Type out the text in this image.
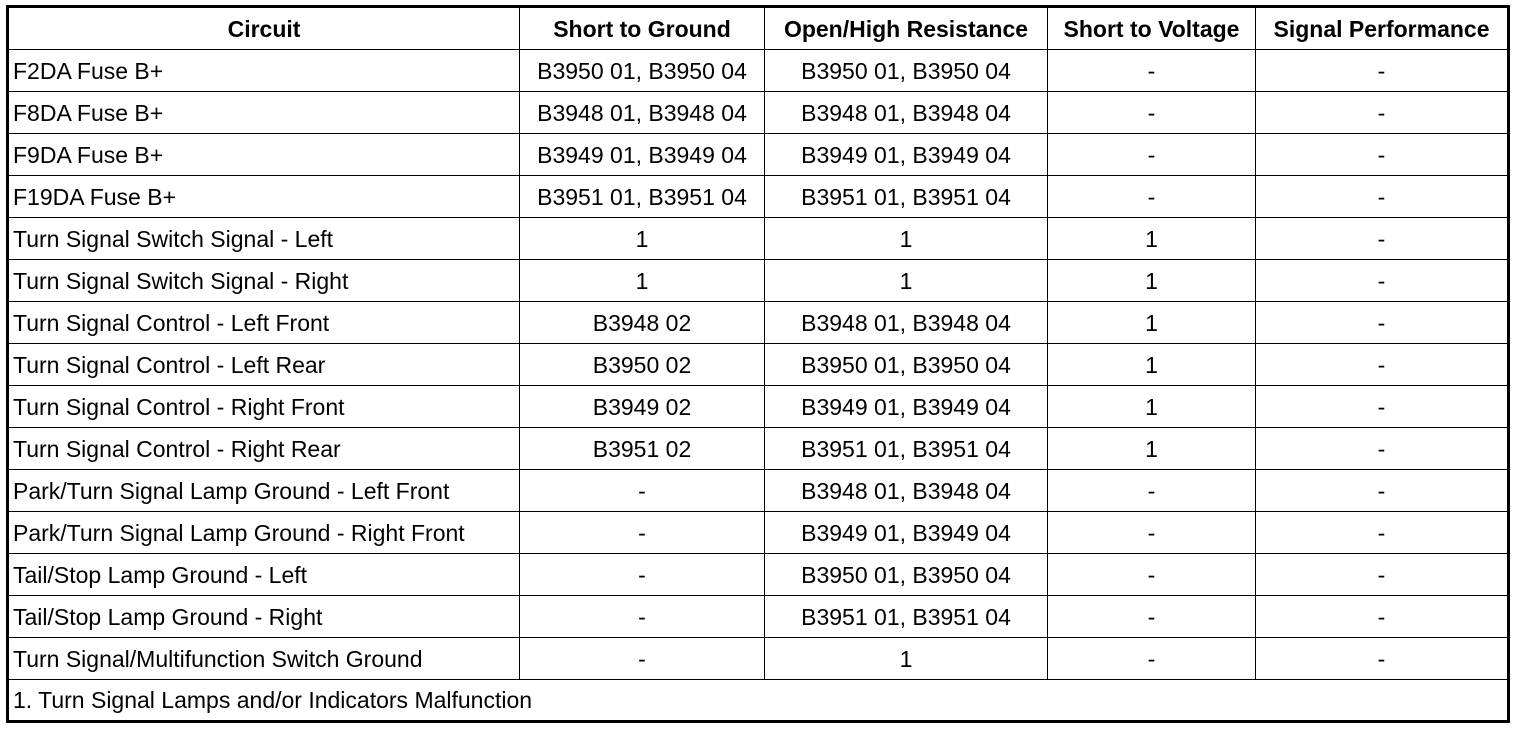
Circuit	Short to Ground	Open/High Resistance	Short to Voltage	Signal Performance
F2DA Fuse B+	B3950 01, B3950 04	B3950 01, B3950 04	-	-
F8DA Fuse B+	B3948 01, B3948 04	B3948 01, B3948 04	-	-
F9DA Fuse B+	B3949 01, B3949 04	B3949 01, B3949 04	-	-
F19DA Fuse B+	B3951 01, B3951 04	B3951 01, B3951 04	-	-
Turn Signal Switch Signal - Left	1	1	1	-
Turn Signal Switch Signal - Right	1	1	1	-
Turn Signal Control - Left Front	B3948 02	B3948 01, B3948 04	1	-
Turn Signal Control - Left Rear	B3950 02	B3950 01, B3950 04	1	-
Turn Signal Control - Right Front	B3949 02	B3949 01, B3949 04	1	-
Turn Signal Control - Right Rear	B3951 02	B3951 01, B3951 04	1	-
Park/Turn Signal Lamp Ground - Left Front	-	B3948 01, B3948 04	-	-
Park/Turn Signal Lamp Ground - Right Front	-	B3949 01, B3949 04	-	-
Tail/Stop Lamp Ground - Left	-	B3950 01, B3950 04	-	-
Tail/Stop Lamp Ground - Right	-	B3951 01, B3951 04	-	-
Turn Signal/Multifunction Switch Ground	-	1	-	-
1. Turn Signal Lamps and/or Indicators Malfunction				
